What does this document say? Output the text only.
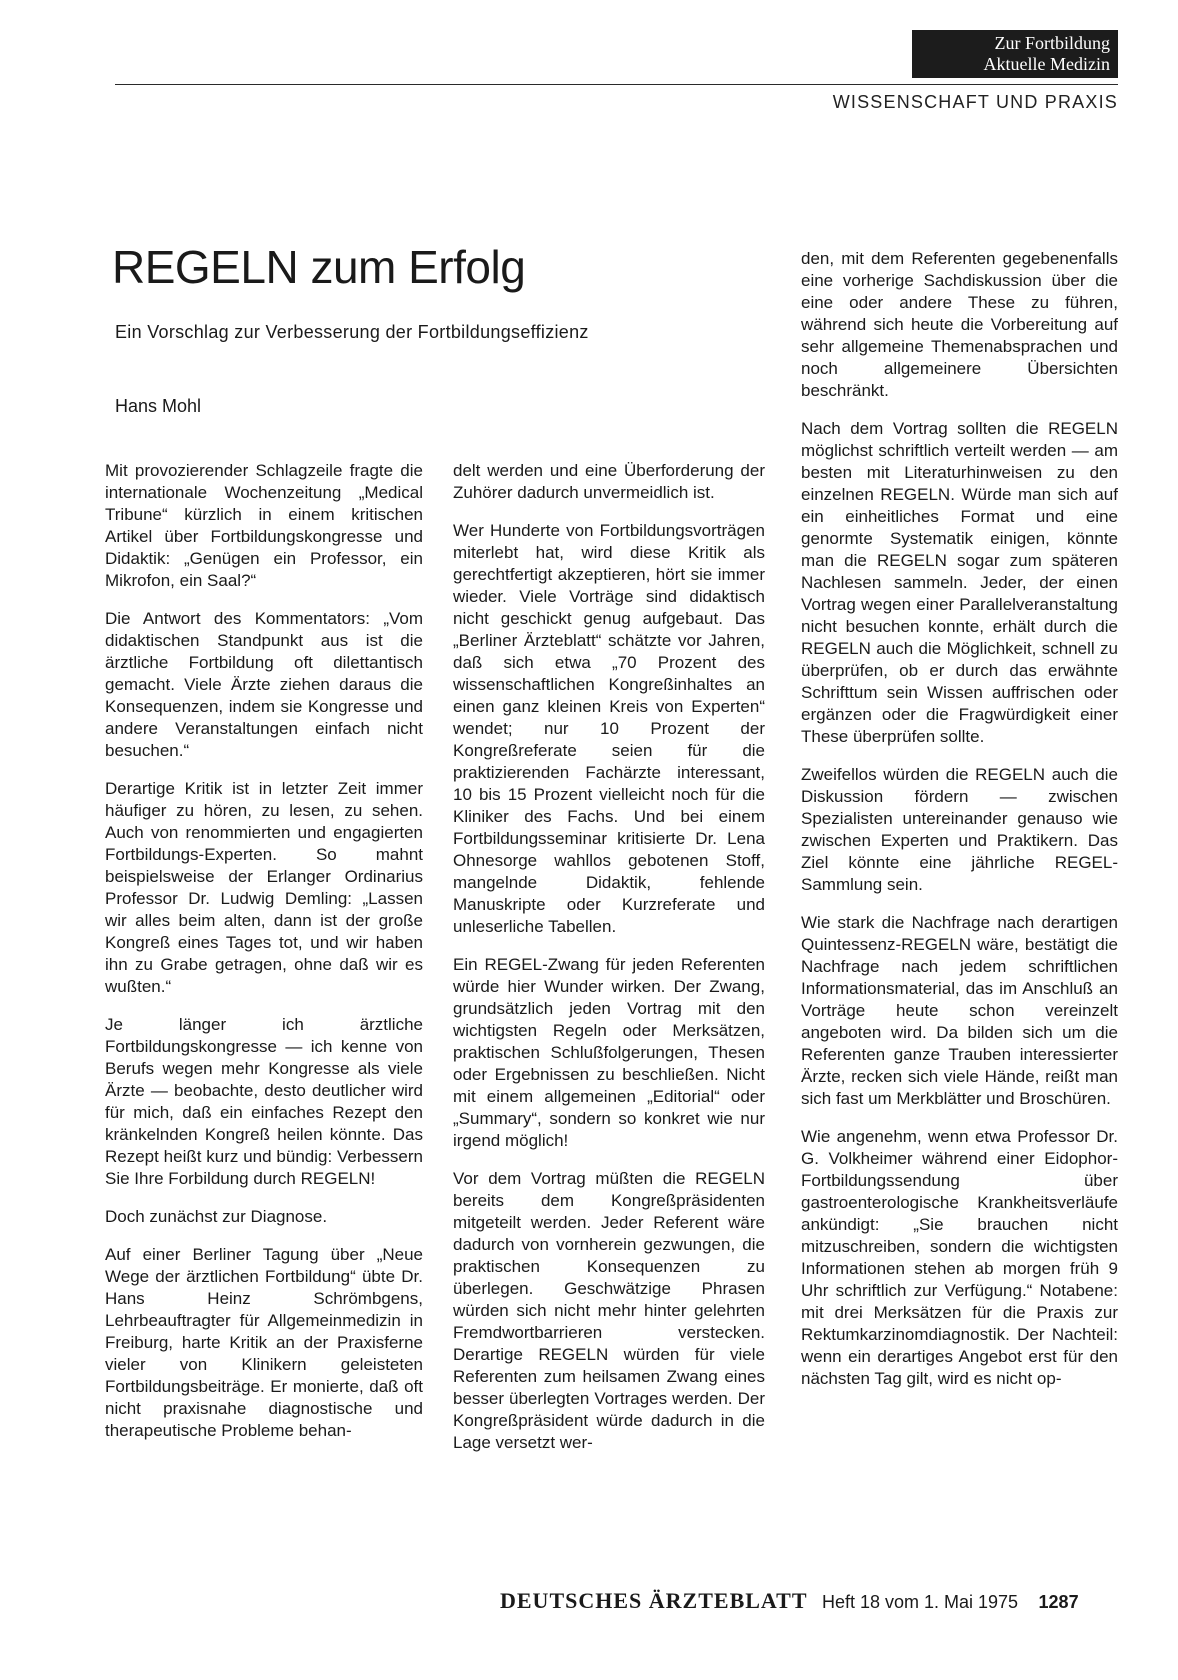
Zur Fortbildung
Aktuelle Medizin
WISSENSCHAFT UND PRAXIS
REGELN zum Erfolg
Ein Vorschlag zur Verbesserung der Fortbildungseffizienz
Hans Mohl

Mit provozierender Schlagzeile fragte die internationale Wochenzeitung „Medical Tribune“ kürzlich in einem kritischen Artikel über Fortbildungskongresse und Didaktik: „Genügen ein Professor, ein Mikrofon, ein Saal?“

Die Antwort des Kommentators: „Vom didaktischen Standpunkt aus ist die ärztliche Fortbildung oft dilettantisch gemacht. Viele Ärzte ziehen daraus die Konsequenzen, indem sie Kongresse und andere Veranstaltungen einfach nicht besuchen.“

Derartige Kritik ist in letzter Zeit immer häufiger zu hören, zu lesen, zu sehen. Auch von renommierten und engagierten Fortbildungs-Experten. So mahnt beispielsweise der Erlanger Ordinarius Professor Dr. Ludwig Demling: „Lassen wir alles beim alten, dann ist der große Kongreß eines Tages tot, und wir haben ihn zu Grabe getragen, ohne daß wir es wußten.“

Je länger ich ärztliche Fortbildungskongresse — ich kenne von Berufs wegen mehr Kongresse als viele Ärzte — beobachte, desto deutlicher wird für mich, daß ein einfaches Rezept den kränkelnden Kongreß heilen könnte. Das Rezept heißt kurz und bündig: Verbessern Sie Ihre Forbildung durch REGELN!

Doch zunächst zur Diagnose.

Auf einer Berliner Tagung über „Neue Wege der ärztlichen Fortbildung“ übte Dr. Hans Heinz Schrömbgens, Lehrbeauftragter für Allgemeinmedizin in Freiburg, harte Kritik an der Praxisferne vieler von Klinikern geleisteten Fortbildungsbeiträge. Er monierte, daß oft nicht praxisnahe diagnostische und therapeutische Probleme behan-

delt werden und eine Überforderung der Zuhörer dadurch unvermeidlich ist.

Wer Hunderte von Fortbildungsvorträgen miterlebt hat, wird diese Kritik als gerechtfertigt akzeptieren, hört sie immer wieder. Viele Vorträge sind didaktisch nicht geschickt genug aufgebaut. Das „Berliner Ärzteblatt“ schätzte vor Jahren, daß sich etwa „70 Prozent des wissenschaftlichen Kongreßinhaltes an einen ganz kleinen Kreis von Experten“ wendet; nur 10 Prozent der Kongreßreferate seien für die praktizierenden Fachärzte interessant, 10 bis 15 Prozent vielleicht noch für die Kliniker des Fachs. Und bei einem Fortbildungsseminar kritisierte Dr. Lena Ohnesorge wahllos gebotenen Stoff, mangelnde Didaktik, fehlende Manuskripte oder Kurzreferate und unleserliche Tabellen.

Ein REGEL-Zwang für jeden Referenten würde hier Wunder wirken. Der Zwang, grundsätzlich jeden Vortrag mit den wichtigsten Regeln oder Merksätzen, praktischen Schlußfolgerungen, Thesen oder Ergebnissen zu beschließen. Nicht mit einem allgemeinen „Editorial“ oder „Summary“, sondern so konkret wie nur irgend möglich!

Vor dem Vortrag müßten die REGELN bereits dem Kongreßpräsidenten mitgeteilt werden. Jeder Referent wäre dadurch von vornherein gezwungen, die praktischen Konsequenzen zu überlegen. Geschwätzige Phrasen würden sich nicht mehr hinter gelehrten Fremdwortbarrieren verstecken. Derartige REGELN würden für viele Referenten zum heilsamen Zwang eines besser überlegten Vortrages werden. Der Kongreßpräsident würde dadurch in die Lage versetzt wer-

den, mit dem Referenten gegebenenfalls eine vorherige Sachdiskussion über die eine oder andere These zu führen, während sich heute die Vorbereitung auf sehr allgemeine Themenabsprachen und noch allgemeinere Übersichten beschränkt.

Nach dem Vortrag sollten die REGELN möglichst schriftlich verteilt werden — am besten mit Literaturhinweisen zu den einzelnen REGELN. Würde man sich auf ein einheitliches Format und eine genormte Systematik einigen, könnte man die REGELN sogar zum späteren Nachlesen sammeln. Jeder, der einen Vortrag wegen einer Parallelveranstaltung nicht besuchen konnte, erhält durch die REGELN auch die Möglichkeit, schnell zu überprüfen, ob er durch das erwähnte Schrifttum sein Wissen auffrischen oder ergänzen oder die Fragwürdigkeit einer These überprüfen sollte.

Zweifellos würden die REGELN auch die Diskussion fördern — zwischen Spezialisten untereinander genauso wie zwischen Experten und Praktikern. Das Ziel könnte eine jährliche REGEL-Sammlung sein.

Wie stark die Nachfrage nach derartigen Quintessenz-REGELN wäre, bestätigt die Nachfrage nach jedem schriftlichen Informationsmaterial, das im Anschluß an Vorträge heute schon vereinzelt angeboten wird. Da bilden sich um die Referenten ganze Trauben interessierter Ärzte, recken sich viele Hände, reißt man sich fast um Merkblätter und Broschüren.

Wie angenehm, wenn etwa Professor Dr. G. Volkheimer während einer Eidophor-Fortbildungssendung über gastroenterologische Krankheitsverläufe ankündigt: „Sie brauchen nicht mitzuschreiben, sondern die wichtigsten Informationen stehen ab morgen früh 9 Uhr schriftlich zur Verfügung.“ Notabene: mit drei Merksätzen für die Praxis zur Rektumkarzinomdiagnostik. Der Nachteil: wenn ein derartiges Angebot erst für den nächsten Tag gilt, wird es nicht op-

DEUTSCHES ÄRZTEBLATT Heft 18 vom 1. Mai 1975 1287
